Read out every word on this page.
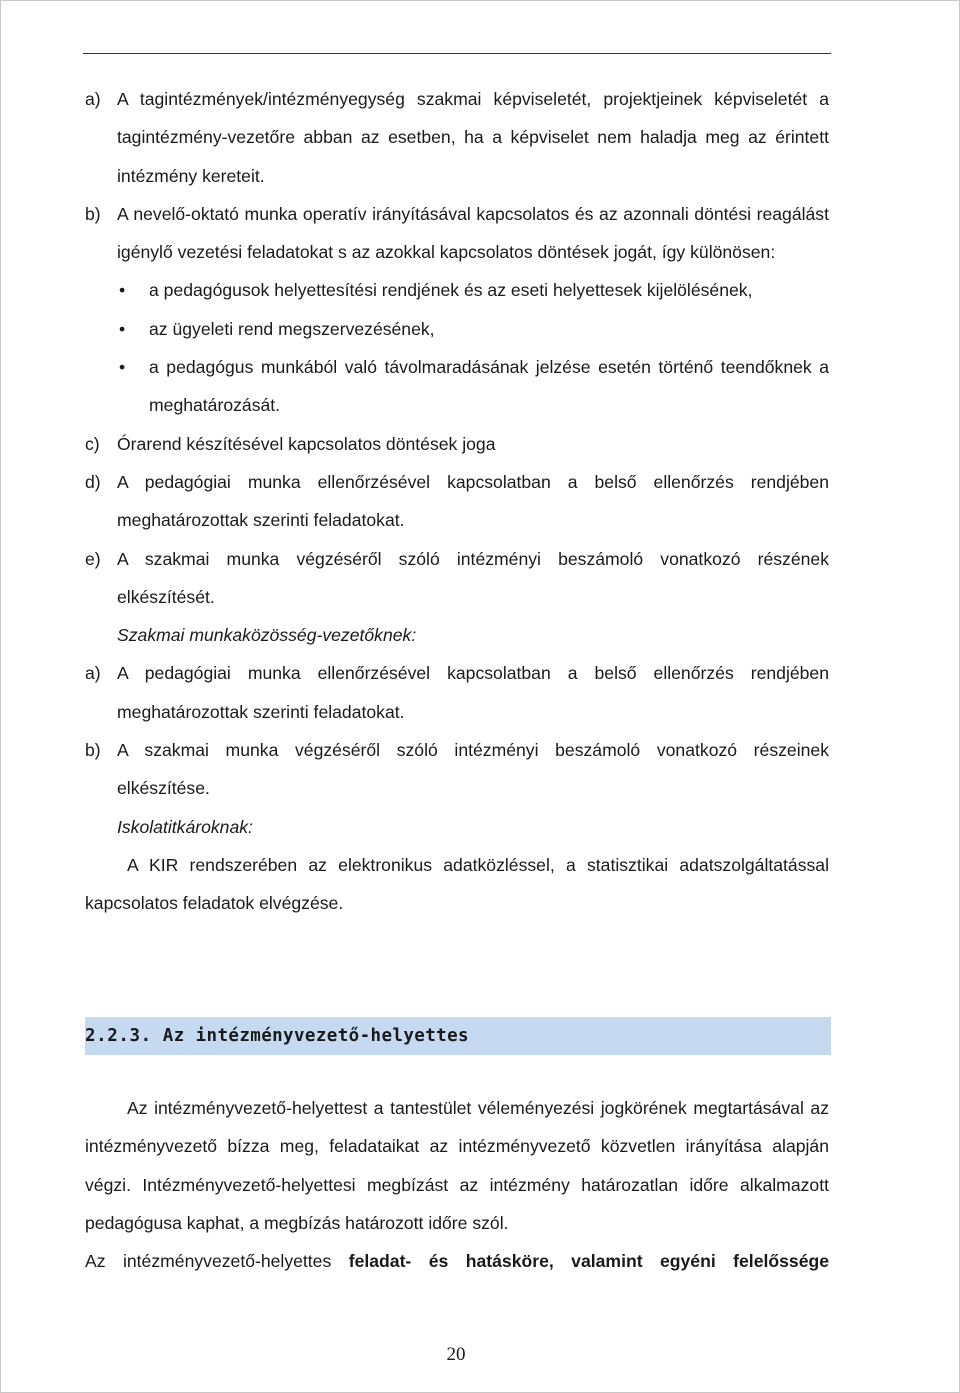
a) A tagintézmények/intézményegység szakmai képviseletét, projektjeinek képviseletét a tagintézmény-vezetőre abban az esetben, ha a képviselet nem haladja meg az érintett intézmény kereteit.
b) A nevelő-oktató munka operatív irányításával kapcsolatos és az azonnali döntési reagálást igénylő vezetési feladatokat s az azokkal kapcsolatos döntések jogát, így különösen:
•	a pedagógusok helyettesítési rendjének és az eseti helyettesek kijelölésének,
•	az ügyeleti rend megszervezésének,
•	a pedagógus munkából való távolmaradásának jelzése esetén történő teendőknek a meghatározását.
c) Órarend készítésével kapcsolatos döntések joga
d) A pedagógiai munka ellenőrzésével kapcsolatban a belső ellenőrzés rendjében meghatározottak szerinti feladatokat.
e) A szakmai munka végzéséről szóló intézményi beszámoló vonatkozó részének elkészítését.
Szakmai munkaközösség-vezetőknek:
a) A pedagógiai munka ellenőrzésével kapcsolatban a belső ellenőrzés rendjében meghatározottak szerinti feladatokat.
b) A szakmai munka végzéséről szóló intézményi beszámoló vonatkozó részeinek elkészítése.
Iskolatitkároknak:
A KIR rendszerében az elektronikus adatközléssel, a statisztikai adatszolgáltatással kapcsolatos feladatok elvégzése.
2.2.3. Az intézményvezető-helyettes
Az intézményvezető-helyettest a tantestület véleményezési jogkörének megtartásával az intézményvezető bízza meg, feladataikat az intézményvezető közvetlen irányítása alapján végzi. Intézményvezető-helyettesi megbízást az intézmény határozatlan időre alkalmazott pedagógusa kaphat, a megbízás határozott időre szól.
Az intézményvezető-helyettes feladat- és hatásköre, valamint egyéni felelőssége
20
